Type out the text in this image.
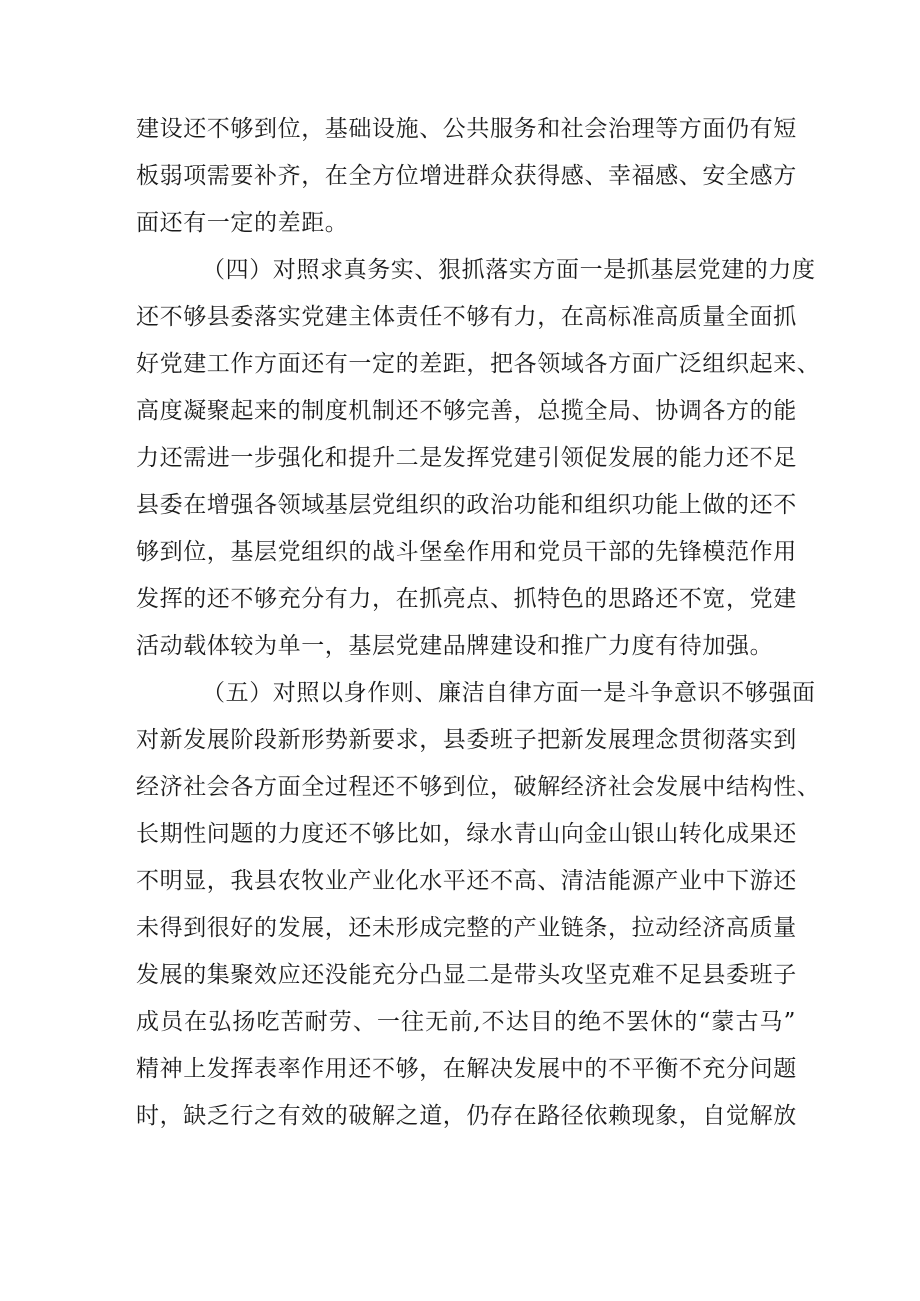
建设还不够到位，基础设施、公共服务和社会治理等方面仍有短
板弱项需要补齐，在全方位增进群众获得感、幸福感、安全感方
面还有一定的差距。
（四）对照求真务实、狠抓落实方面一是抓基层党建的力度
还不够县委落实党建主体责任不够有力，在高标准高质量全面抓
好党建工作方面还有一定的差距，把各领域各方面广泛组织起来、
高度凝聚起来的制度机制还不够完善，总揽全局、协调各方的能
力还需进一步强化和提升二是发挥党建引领促发展的能力还不足
县委在增强各领域基层党组织的政治功能和组织功能上做的还不
够到位，基层党组织的战斗堡垒作用和党员干部的先锋模范作用
发挥的还不够充分有力，在抓亮点、抓特色的思路还不宽，党建
活动载体较为单一，基层党建品牌建设和推广力度有待加强。
（五）对照以身作则、廉洁自律方面一是斗争意识不够强面
对新发展阶段新形势新要求，县委班子把新发展理念贯彻落实到
经济社会各方面全过程还不够到位，破解经济社会发展中结构性、
长期性问题的力度还不够比如，绿水青山向金山银山转化成果还
不明显，我县农牧业产业化水平还不高、清洁能源产业中下游还
未得到很好的发展，还未形成完整的产业链条，拉动经济高质量
发展的集聚效应还没能充分凸显二是带头攻坚克难不足县委班子
成员在弘扬吃苦耐劳、一往无前,不达目的绝不罢休的“蒙古马”
精神上发挥表率作用还不够，在解决发展中的不平衡不充分问题
时，缺乏行之有效的破解之道，仍存在路径依赖现象，自觉解放
